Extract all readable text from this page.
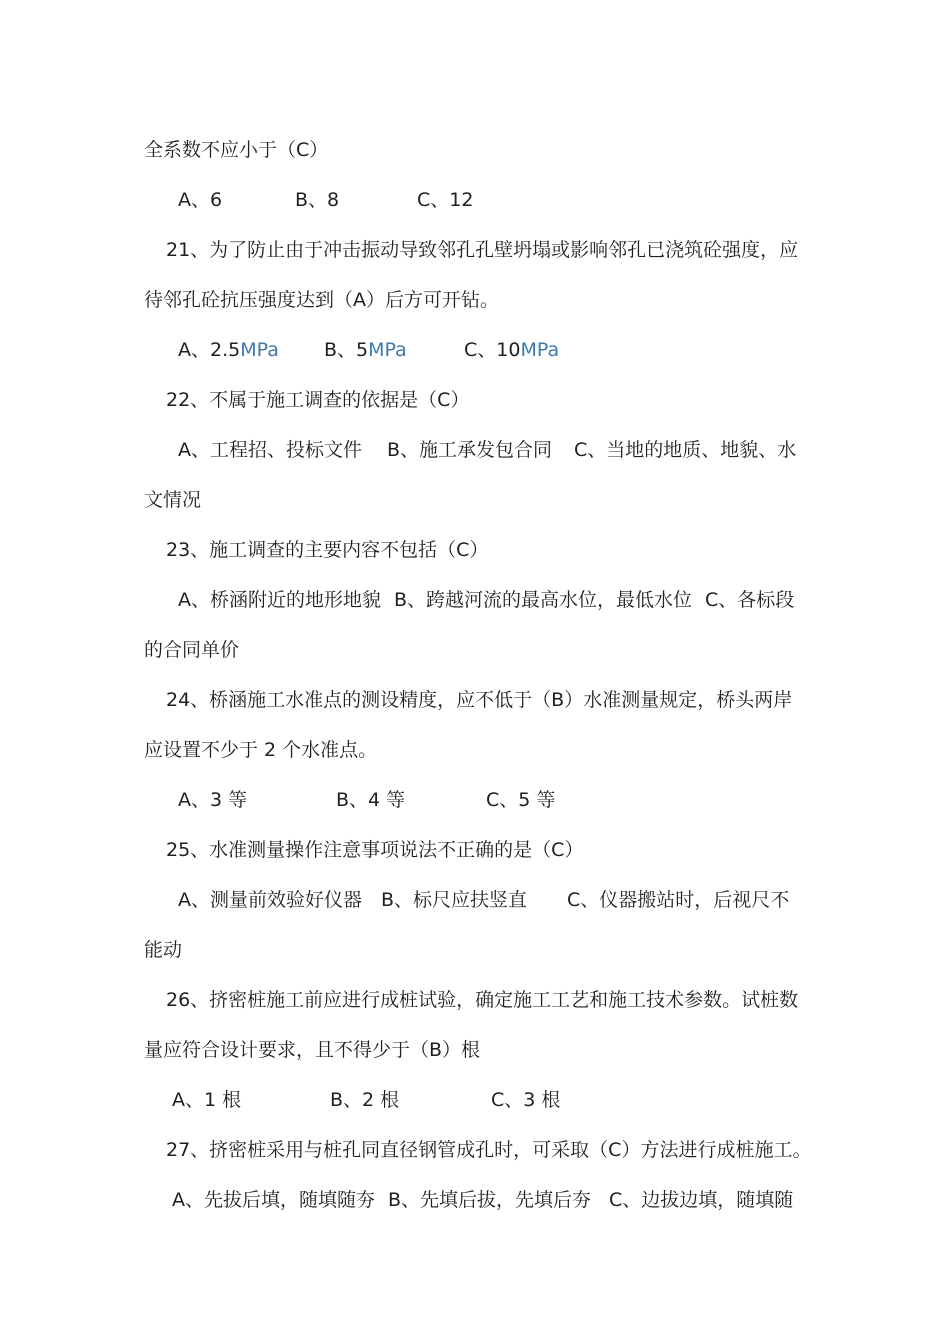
全系数不应小于（C）
A、6	B、8	C、12
21、为了防止由于冲击振动导致邻孔孔壁坍塌或影响邻孔已浇筑砼强度，应
待邻孔砼抗压强度达到（A）后方可开钻。
A、2.5MPa B、5MPa	C、10MPa
22、不属于施工调查的依据是（C）
A、工程招、投标文件 B、施工承发包合同 C、当地的地质、地貌、水
文情况
23、施工调查的主要内容不包括（C）
A、桥涵附近的地形地貌 B、跨越河流的最高水位，最低水位 C、各标段
的合同单价
24、桥涵施工水准点的测设精度，应不低于（B）水准测量规定，桥头两岸
应设置不少于 2 个水准点。
A、3 等	B、4 等	C、5 等
25、水准测量操作注意事项说法不正确的是（C）
A、测量前效验好仪器 B、标尺应扶竖直 C、仪器搬站时，后视尺不
能动
26、挤密桩施工前应进行成桩试验，确定施工工艺和施工技术参数。试桩数
量应符合设计要求，且不得少于（B）根
A、1 根	B、2 根	C、3 根
27、挤密桩采用与桩孔同直径钢管成孔时，可采取（C）方法进行成桩施工。
A、先拔后填，随填随夯 B、先填后拔，先填后夯 C、边拔边填，随填随
